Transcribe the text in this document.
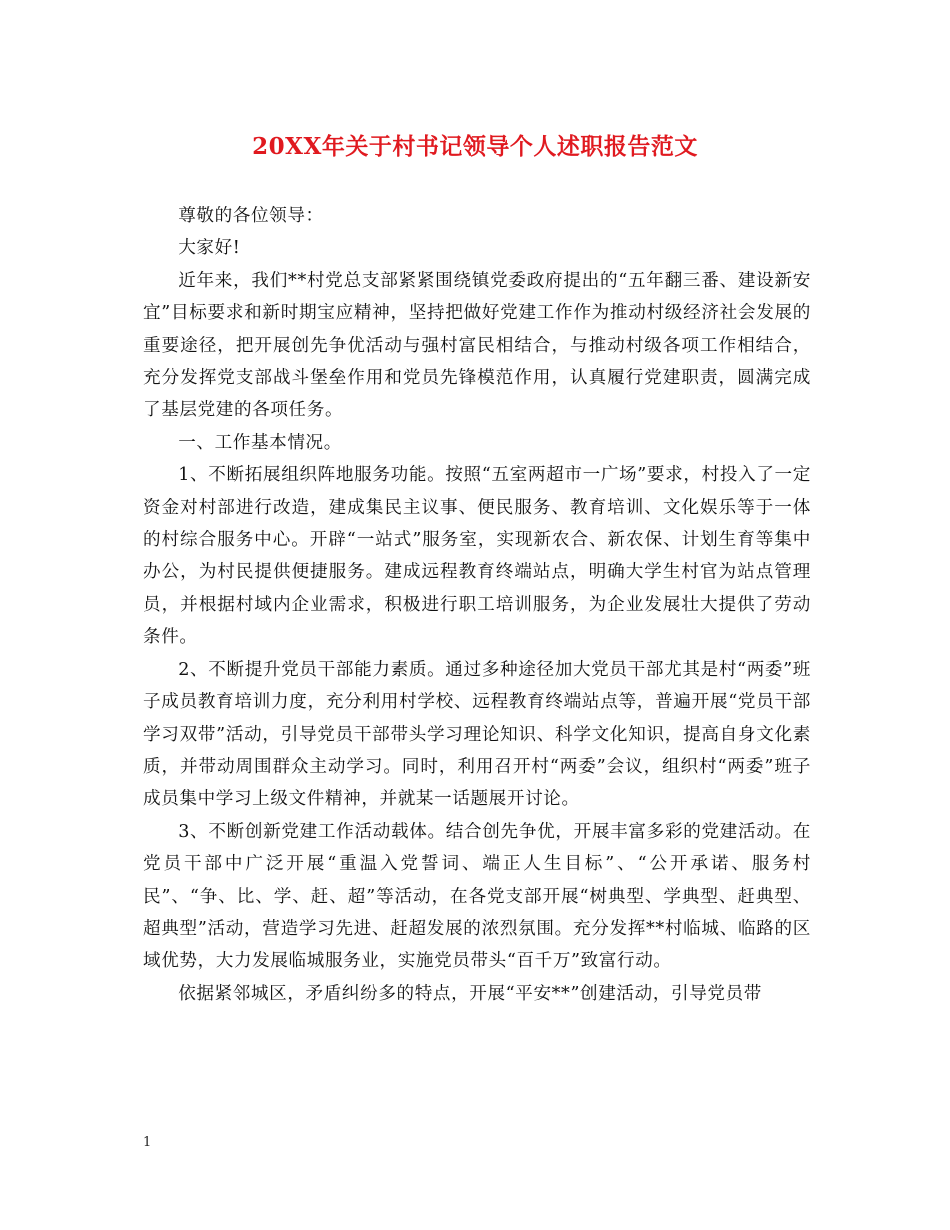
20XX年关于村书记领导个人述职报告范文

尊敬的各位领导：

大家好!

近年来，我们**村党总支部紧紧围绕镇党委政府提出的“五年翻三番、建设新安宜”目标要求和新时期宝应精神，坚持把做好党建工作作为推动村级经济社会发展的重要途径，把开展创先争优活动与强村富民相结合，与推动村级各项工作相结合，充分发挥党支部战斗堡垒作用和党员先锋模范作用，认真履行党建职责，圆满完成了基层党建的各项任务。

一、工作基本情况。

1、不断拓展组织阵地服务功能。按照“五室两超市一广场”要求，村投入了一定资金对村部进行改造，建成集民主议事、便民服务、教育培训、文化娱乐等于一体的村综合服务中心。开辟“一站式”服务室，实现新农合、新农保、计划生育等集中办公，为村民提供便捷服务。建成远程教育终端站点，明确大学生村官为站点管理员，并根据村域内企业需求，积极进行职工培训服务，为企业发展壮大提供了劳动条件。

2、不断提升党员干部能力素质。通过多种途径加大党员干部尤其是村“两委”班子成员教育培训力度，充分利用村学校、远程教育终端站点等，普遍开展“党员干部学习双带”活动，引导党员干部带头学习理论知识、科学文化知识，提高自身文化素质，并带动周围群众主动学习。同时，利用召开村“两委”会议，组织村“两委”班子成员集中学习上级文件精神，并就某一话题展开讨论。

3、不断创新党建工作活动载体。结合创先争优，开展丰富多彩的党建活动。在党员干部中广泛开展“重温入党誓词、端正人生目标”、“公开承诺、服务村民”、“争、比、学、赶、超”等活动，在各党支部开展“树典型、学典型、赶典型、超典型”活动，营造学习先进、赶超发展的浓烈氛围。充分发挥**村临城、临路的区域优势，大力发展临城服务业，实施党员带头“百千万”致富行动。

依据紧邻城区，矛盾纠纷多的特点，开展“平安**”创建活动，引导党员带

1
